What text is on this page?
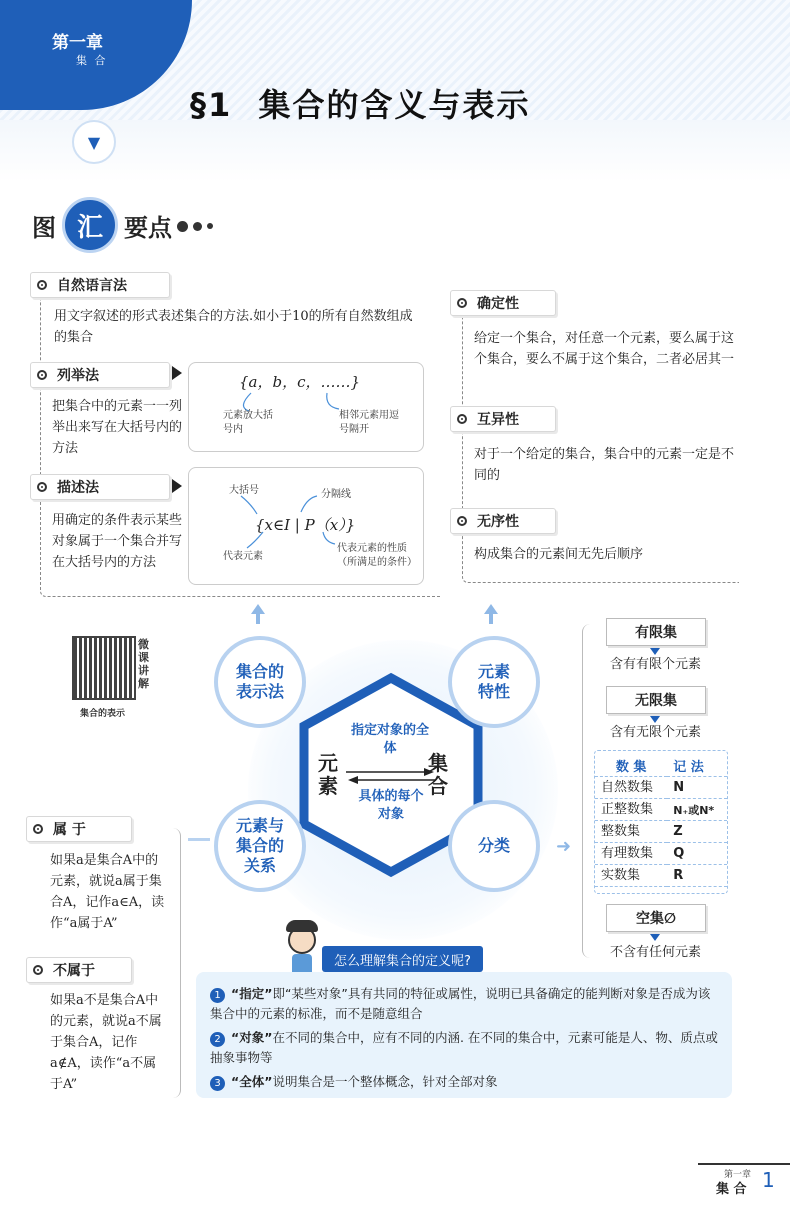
第一章
集 合
▼
§1  集合的含义与表示
图 汇 要点
自然语言法
用文字叙述的形式表述集合的方法.如小于10的所有自然数组成的集合
列举法
把集合中的元素一一列举出来写在大括号内的方法
{a，b，c，……}
元素放大括号内
相邻元素用逗号隔开
描述法
用确定的条件表示某些对象属于一个集合并写在大括号内的方法
{x∈I | P（x）}
大括号	分隔线
代表元素
代表元素的性质（所满足的条件）
确定性
给定一个集合，对任意一个元素，要么属于这个集合，要么不属于这个集合，二者必居其一
互异性
对于一个给定的集合，集合中的元素一定是不同的
无序性
构成集合的元素间无先后顺序
微课讲解
集合的表示
指定对象的全体
具体的每个对象
元素
集合
集合的表示法
元素特性
元素与集合的关系
分类	➜
属 于
如果a是集合A中的元素，就说a属于集合A，记作a∈A，读作“a属于A”
不属于
如果a不是集合A中的元素，就说a不属于集合A，记作a∉A，读作“a不属于A”
有限集
含有有限个元素
无限集
含有无限个元素
数 集	记 法
自然数集	N
正整数集	N₊或N*
整数集	Z
有理数集	Q
实数集	R
空集∅
不含有任何元素
怎么理解集合的定义呢?
1 “指定”即“某些对象”具有共同的特征或属性，说明已具备确定的能判断对象是否成为该集合中的元素的标准，而不是随意组合
2 “对象”在不同的集合中，应有不同的内涵. 在不同的集合中，元素可能是人、物、质点或抽象事物等
3 “全体”说明集合是一个整体概念，针对全部对象
第一章
集 合 1
